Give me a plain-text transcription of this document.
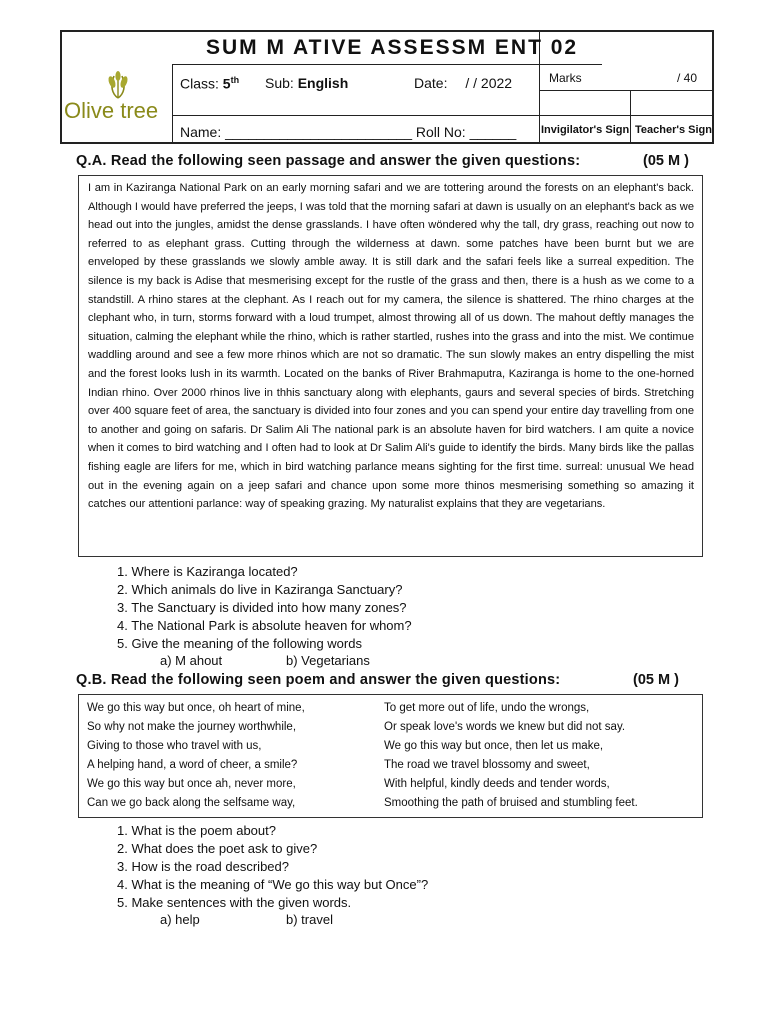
SUM M ATIVE ASSESSM ENT 02
Olive tree
Class: 5th Sub: English	Date: / / 2022
Name: ________________________ Roll No: ______
Marks	/ 40
Invigilator's Sign Teacher's Sign
Q.A. Read the following seen passage and answer the given questions:	(05 M )

I am in Kaziranga National Park on an early morning safari and we are tottering around the forests on an elephant's back. Although I would have preferred the jeeps, I was told that the morning safari at dawn is usually on an elephant's back as we head out into the jungles, amidst the dense grasslands. I have often wöndered why the tall, dry grass, reaching out now to referred to as elephant grass. Cutting through the wilderness at dawn. some patches have been burnt but we are enveloped by these grasslands we slowly amble away. It is still dark and the safari feels like a surreal expedition. The silence is my back is Adise that mesmerising except for the rustle of the grass and then, there is a hush as we come to a standstill. A rhino stares at the clephant. As I reach out for my camera, the silence is shattered. The rhino charges at the clephant who, in turn, storms forward with a loud trumpet, almost throwing all of us down. The mahout deftly manages the situation, calming the elephant while the rhino, which is rather startled, rushes into the grass and into the mist. We contimue waddling around and see a few more rhinos which are not so dramatic. The sun slowly makes an entry dispelling the mist and the forest looks lush in its warmth. Located on the banks of River Brahmaputra, Kaziranga is home to the one-horned Indian rhino. Over 2000 rhinos live in thhis sanctuary along with elephants, gaurs and several species of birds. Stretching over 400 square feet of area, the sanctuary is divided into four zones and you can spend your entire day travelling from one to another and going on safaris. Dr Salim Ali The national park is an absolute haven for bird watchers. I am quite a novice when it comes to bird watching and I often had to look at Dr Salim Ali's guide to identify the birds. Many birds like the pallas fishing eagle are lifers for me, which in bird watching parlance means sighting for the first time. surreal: unusual We head out in the evening again on a jeep safari and chance upon some more thinos mesmerising something so amazing it catches our attentioni parlance: way of speaking grazing. My naturalist explains that they are vegetarians.

1. Where is Kaziranga located?
2. Which animals do live in Kaziranga Sanctuary?
3. The Sanctuary is divided into how many zones?
4. The National Park is absolute heaven for whom?
5. Give the meaning of the following words
a) M ahout	b) Vegetarians
Q.B. Read the following seen poem and answer the given questions:	(05 M )
We go this way but once, oh heart of mine,
So why not make the journey worthwhile,
Giving to those who travel with us,
A helping hand, a word of cheer, a smile?
We go this way but once ah, never more,
Can we go back along the selfsame way,
To get more out of life, undo the wrongs,
Or speak love's words we knew but did not say.
We go this way but once, then let us make,
The road we travel blossomy and sweet,
With helpful, kindly deeds and tender words,
Smoothing the path of bruised and stumbling feet.
1. What is the poem about?
2. What does the poet ask to give?
3. How is the road described?
4. What is the meaning of “We go this way but Once”?
5. Make sentences with the given words.
a) help	b) travel
